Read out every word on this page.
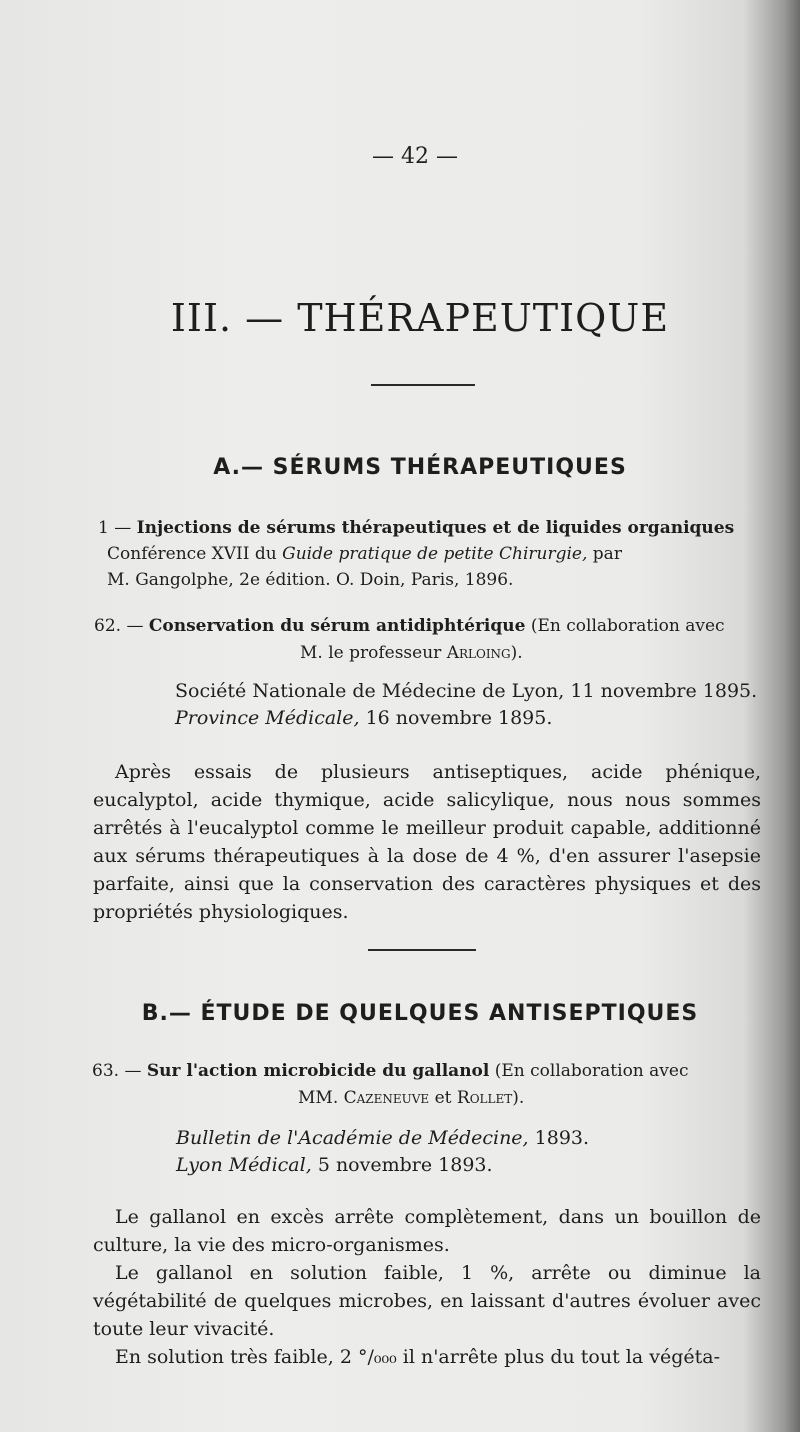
— 42 —
III. — THÉRAPEUTIQUE
A.— SÉRUMS THÉRAPEUTIQUES
1 — Injections de sérums thérapeutiques et de liquides organiques
Conférence XVII du Guide pratique de petite Chirurgie, par
M. Gangolphe, 2e édition. O. Doin, Paris, 1896.
62. — Conservation du sérum antidiphtérique (En collaboration avec
M. le professeur Arloing).
Société Nationale de Médecine de Lyon, 11 novembre 1895.
Province Médicale, 16 novembre 1895.

Après essais de plusieurs antiseptiques, acide phénique, eucalyptol, acide thymique, acide salicylique, nous nous sommes arrêtés à l'eucalyptol comme le meilleur produit capable, additionné aux sérums thérapeutiques à la dose de 4 %, d'en assurer l'asepsie parfaite, ainsi que la conservation des caractères physiques et des propriétés physiologiques.

B.— ÉTUDE DE QUELQUES ANTISEPTIQUES
63. — Sur l'action microbicide du gallanol (En collaboration avec
MM. Cazeneuve et Rollet).
Bulletin de l'Académie de Médecine, 1893.
Lyon Médical, 5 novembre 1893.

Le gallanol en excès arrête complètement, dans un bouillon de culture, la vie des micro-organismes.

Le gallanol en solution faible, 1 %, arrête ou diminue la végétabilité de quelques microbes, en laissant d'autres évoluer avec toute leur vivacité.

En solution très faible, 2 °/₀₀₀ il n'arrête plus du tout la végéta-
